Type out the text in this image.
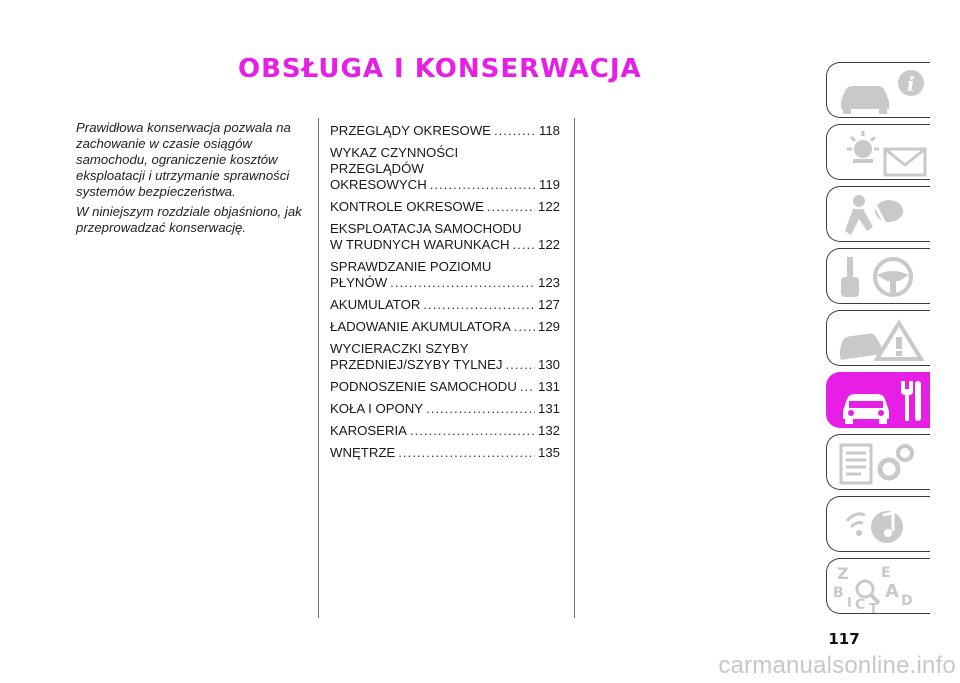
OBSŁUGA I KONSERWACJA

Prawidłowa konserwacja pozwala na zachowanie w czasie osiągów samochodu, ograniczenie kosztów eksploatacji i utrzymanie sprawności systemów bezpieczeństwa.

W niniejszym rozdziale objaśniono, jak przeprowadzać konserwację.

PRZEGLĄDY OKRESOWE .....	118
WYKAZ CZYNNOŚCI
PRZEGLĄDÓW
OKRESOWYCH .....	119
KONTROLE OKRESOWE .....	122
EKSPLOATACJA SAMOCHODU
W TRUDNYCH WARUNKACH ..... 122
SPRAWDZANIE POZIOMU
PŁYNÓW .....	123
AKUMULATOR .....	127
ŁADOWANIE AKUMULATORA ..... 129
WYCIERACZKI SZYBY
PRZEDNIEJ/SZYBY TYLNEJ .....	130
PODNOSZENIE SAMOCHODU ..... 131
KOŁA I OPONY .....	131
KAROSERIA .....	132
WNĘTRZE .....	135
i
Z E
A
B
C	D
I T
117
carmanualsonline.info
